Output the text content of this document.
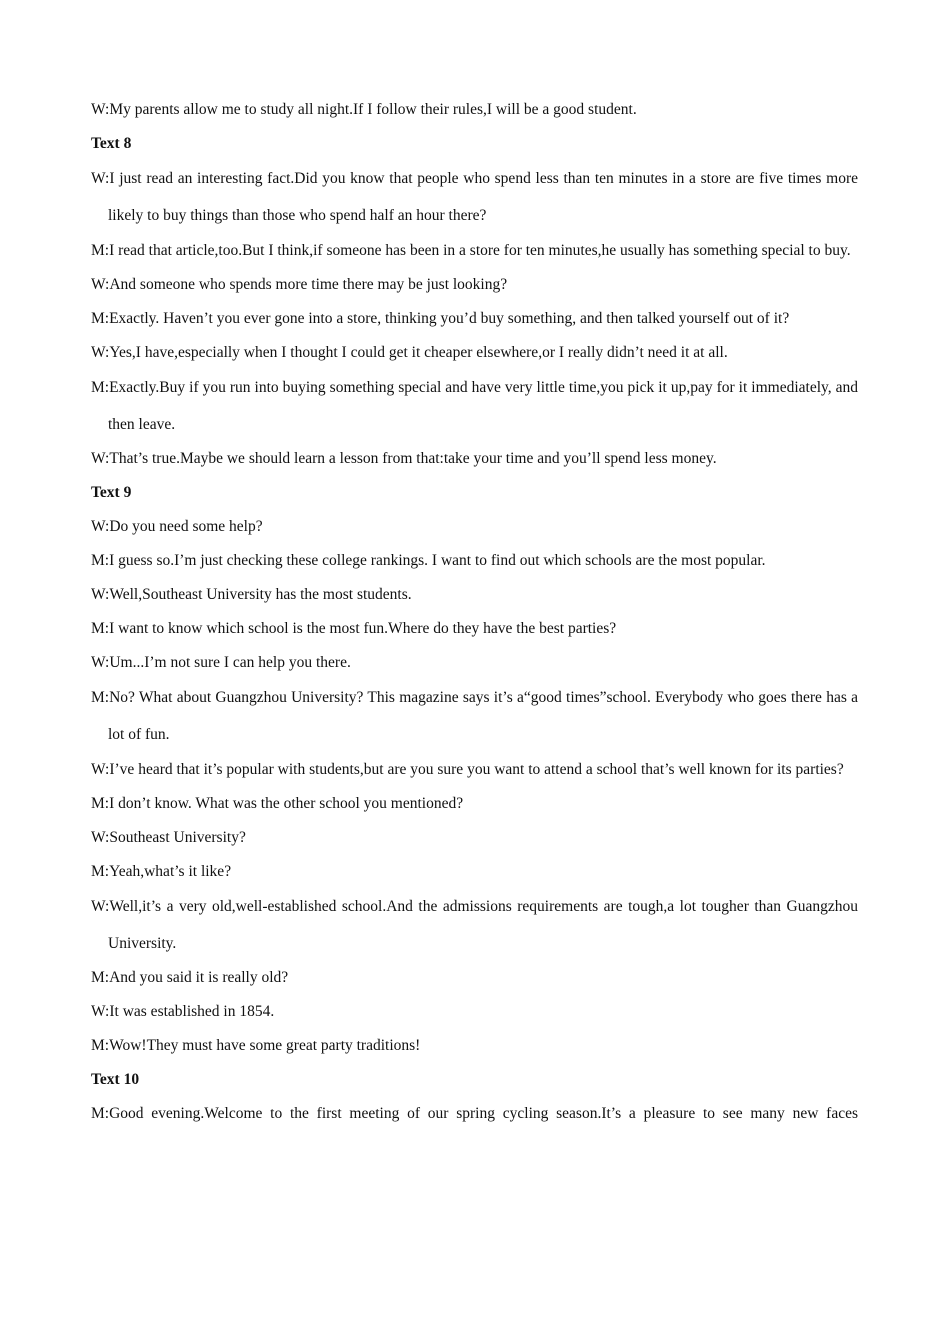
W:My parents allow me to study all night.If I follow their rules,I will be a good student.

Text 8

W:I just read an interesting fact.Did you know that people who spend less than ten minutes in a store are five times more likely to buy things than those who spend half an hour there?

M:I read that article,too.But I think,if someone has been in a store for ten minutes,he usually has something special to buy.

W:And someone who spends more time there may be just looking?

M:Exactly. Haven’t you ever gone into a store, thinking you’d buy something, and then talked yourself out of it?

W:Yes,I have,especially when I thought I could get it cheaper elsewhere,or I really didn’t need it at all.

M:Exactly.Buy if you run into buying something special and have very little time,you pick it up,pay for it immediately, and then leave.

W:That’s true.Maybe we should learn a lesson from that:take your time and you’ll spend less money.

Text 9

W:Do you need some help?

M:I guess so.I’m just checking these college rankings. I want to find out which schools are the most popular.

W:Well,Southeast University has the most students.

M:I want to know which school is the most fun.Where do they have the best parties?

W:Um...I’m not sure I can help you there.

M:No? What about Guangzhou University? This magazine says it’s a“good times”school. Everybody who goes there has a lot of fun.

W:I’ve heard that it’s popular with students,but are you sure you want to attend a school that’s well known for its parties?

M:I don’t know. What was the other school you mentioned?

W:Southeast University?

M:Yeah,what’s it like?

W:Well,it’s a very old,well-established school.And the admissions requirements are tough,a lot tougher than Guangzhou University.

M:And you said it is really old?

W:It was established in 1854.

M:Wow!They must have some great party traditions!

Text 10

M:Good evening.Welcome to the first meeting of our spring cycling season.It’s a pleasure to see many new faces
